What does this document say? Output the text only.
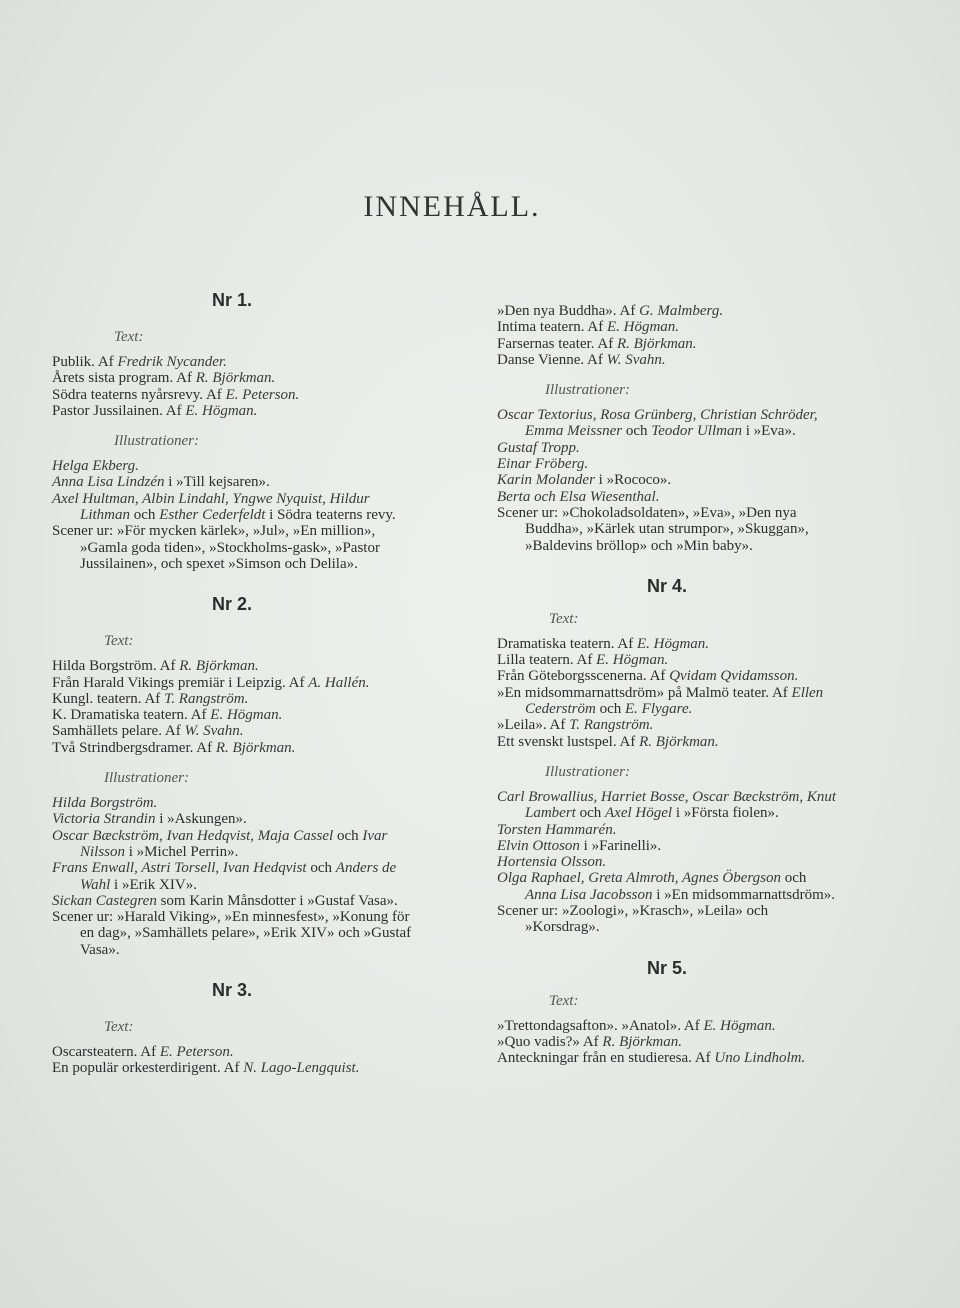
INNEHÅLL.

Nr 1.

Text:

Publik. Af Fredrik Nycander.

Årets sista program. Af R. Björkman.

Södra teaterns nyårsrevy. Af E. Peterson.

Pastor Jussilainen. Af E. Högman.

Illustrationer:

Helga Ekberg.

Anna Lisa Lindzén i »Till kejsaren».

Axel Hultman, Albin Lindahl, Yngwe Nyquist, Hildur Lithman och Esther Cederfeldt i Södra teaterns revy.

Scener ur: »För mycken kärlek», »Jul», »En million», »Gamla goda tiden», »Stockholms-gask», »Pastor Jussilainen», och spexet »Simson och Delila».

Nr 2.

Text:

Hilda Borgström. Af R. Björkman.

Från Harald Vikings premiär i Leipzig. Af A. Hallén.

Kungl. teatern. Af T. Rangström.

K. Dramatiska teatern. Af E. Högman.

Samhällets pelare. Af W. Svahn.

Två Strindbergsdramer. Af R. Björkman.

Illustrationer:

Hilda Borgström.

Victoria Strandin i »Askungen».

Oscar Bæckström, Ivan Hedqvist, Maja Cassel och Ivar Nilsson i »Michel Perrin».

Frans Enwall, Astri Torsell, Ivan Hedqvist och Anders de Wahl i »Erik XIV».

Sickan Castegren som Karin Månsdotter i »Gustaf Vasa».

Scener ur: »Harald Viking», »En minnesfest», »Konung för en dag», »Samhällets pelare», »Erik XIV» och »Gustaf Vasa».

Nr 3.

Text:

Oscarsteatern. Af E. Peterson.

En populär orkesterdirigent. Af N. Lago-Lengquist.

»Den nya Buddha». Af G. Malmberg.

Intima teatern. Af E. Högman.

Farsernas teater. Af R. Björkman.

Danse Vienne. Af W. Svahn.

Illustrationer:

Oscar Textorius, Rosa Grünberg, Christian Schröder, Emma Meissner och Teodor Ullman i »Eva».

Gustaf Tropp.

Einar Fröberg.

Karin Molander i »Rococo».

Berta och Elsa Wiesenthal.

Scener ur: »Chokoladsoldaten», »Eva», »Den nya Buddha», »Kärlek utan strumpor», »Skuggan», »Baldevins bröllop» och »Min baby».

Nr 4.

Text:

Dramatiska teatern. Af E. Högman.

Lilla teatern. Af E. Högman.

Från Göteborgsscenerna. Af Qvidam Qvidamsson.

»En midsommarnattsdröm» på Malmö teater. Af Ellen Cederström och E. Flygare.

»Leila». Af T. Rangström.

Ett svenskt lustspel. Af R. Björkman.

Illustrationer:

Carl Browallius, Harriet Bosse, Oscar Bæckström, Knut Lambert och Axel Högel i »Första fiolen».

Torsten Hammarén.

Elvin Ottoson i »Farinelli».

Hortensia Olsson.

Olga Raphael, Greta Almroth, Agnes Öbergson och Anna Lisa Jacobsson i »En midsommarnattsdröm».

Scener ur: »Zoologi», »Krasch», »Leila» och »Korsdrag».

Nr 5.

Text:

»Trettondagsafton». »Anatol». Af E. Högman.

»Quo vadis?» Af R. Björkman.

Anteckningar från en studieresa. Af Uno Lindholm.
